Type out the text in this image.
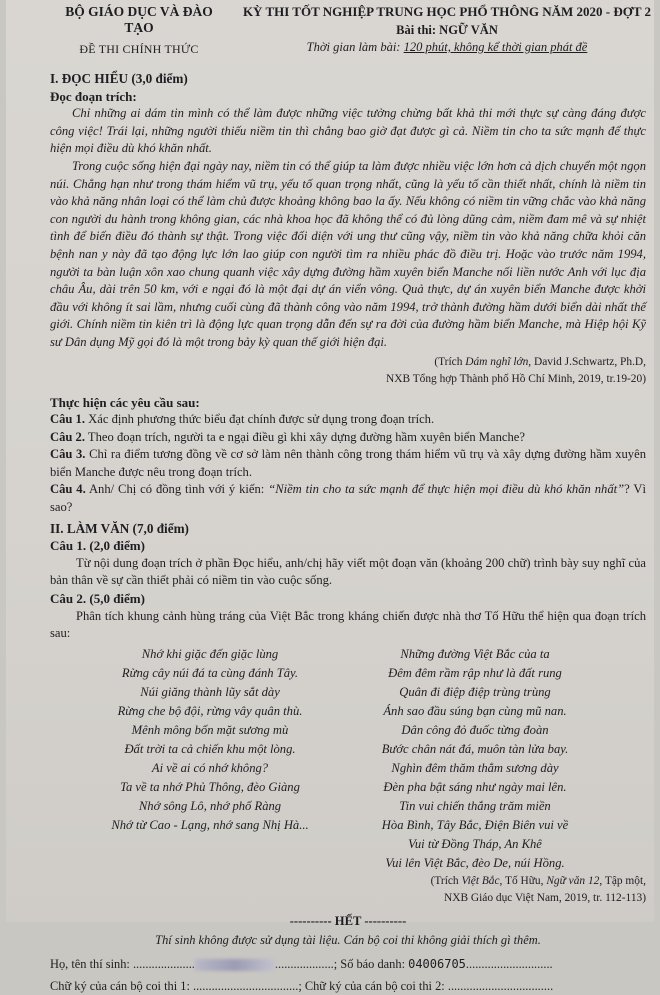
BỘ GIÁO DỤC VÀ ĐÀO TẠO
ĐỀ THI CHÍNH THỨC
KỲ THI TỐT NGHIỆP TRUNG HỌC PHỔ THÔNG NĂM 2020 - ĐỢT 2
Bài thi: NGỮ VĂN
Thời gian làm bài: 120 phút, không kể thời gian phát đề

I. ĐỌC HIỂU (3,0 điểm)

Đọc đoạn trích:

Chỉ những ai dám tin mình có thể làm được những việc tưởng chừng bất khả thi mới thực sự càng đáng được công việc! Trái lại, những người thiếu niềm tin thì chẳng bao giờ đạt được gì cả. Niềm tin cho ta sức mạnh để thực hiện mọi điều dù khó khăn nhất.

Trong cuộc sống hiện đại ngày nay, niềm tin có thể giúp ta làm được nhiều việc lớn hơn cả dịch chuyển một ngọn núi. Chẳng hạn như trong thám hiểm vũ trụ, yếu tố quan trọng nhất, cũng là yếu tố cần thiết nhất, chính là niềm tin vào khả năng nhân loại có thể làm chủ được khoảng không bao la ấy. Nếu không có niềm tin vững chắc vào khả năng con người du hành trong không gian, các nhà khoa học đã không thể có đủ lòng dũng cảm, niềm đam mê và sự nhiệt tình để biến điều đó thành sự thật. Trong việc đối diện với ung thư cũng vậy, niềm tin vào khả năng chữa khỏi căn bệnh nan y này đã tạo động lực lớn lao giúp con người tìm ra nhiều phác đồ điều trị. Hoặc vào trước năm 1994, người ta bàn luận xôn xao chung quanh việc xây dựng đường hầm xuyên biển Manche nối liền nước Anh với lục địa châu Âu, dài trên 50 km, với e ngại đó là một đại dự án viển vông. Quả thực, dự án xuyên biển Manche được khởi đầu với không ít sai lầm, nhưng cuối cùng đã thành công vào năm 1994, trở thành đường hầm dưới biển dài nhất thế giới. Chính niềm tin kiên trì là động lực quan trọng dẫn đến sự ra đời của đường hầm biển Manche, mà Hiệp hội Kỹ sư Dân dụng Mỹ gọi đó là một trong bảy kỳ quan thế giới hiện đại.

(Trích Dám nghĩ lớn, David J.Schwartz, Ph.D,
NXB Tổng hợp Thành phố Hồ Chí Minh, 2019, tr.19-20)

Thực hiện các yêu cầu sau:

Câu 1. Xác định phương thức biểu đạt chính được sử dụng trong đoạn trích.

Câu 2. Theo đoạn trích, người ta e ngại điều gì khi xây dựng đường hầm xuyên biển Manche?

Câu 3. Chỉ ra điểm tương đồng về cơ sở làm nên thành công trong thám hiểm vũ trụ và xây dựng đường hầm xuyên biển Manche được nêu trong đoạn trích.

Câu 4. Anh/ Chị có đồng tình với ý kiến: “Niềm tin cho ta sức mạnh để thực hiện mọi điều dù khó khăn nhất”? Vì sao?

II. LÀM VĂN (7,0 điểm)

Câu 1. (2,0 điểm)

Từ nội dung đoạn trích ở phần Đọc hiểu, anh/chị hãy viết một đoạn văn (khoảng 200 chữ) trình bày suy nghĩ của bản thân về sự cần thiết phải có niềm tin vào cuộc sống.

Câu 2. (5,0 điểm)

Phân tích khung cảnh hùng tráng của Việt Bắc trong kháng chiến được nhà thơ Tố Hữu thể hiện qua đoạn trích sau:

Nhớ khi giặc đến giặc lùng
Rừng cây núi đá ta cùng đánh Tây.
Núi giăng thành lũy sắt dày
Rừng che bộ đội, rừng vây quân thù.
Mênh mông bốn mặt sương mù
Đất trời ta cả chiến khu một lòng.
Ai về ai có nhớ không?
Ta về ta nhớ Phủ Thông, đèo Giàng
Nhớ sông Lô, nhớ phố Ràng
Nhớ từ Cao - Lạng, nhớ sang Nhị Hà...
Những đường Việt Bắc của ta
Đêm đêm rầm rập như là đất rung
Quân đi điệp điệp trùng trùng
Ánh sao đầu súng bạn cùng mũ nan.
Dân công đỏ đuốc từng đoàn
Bước chân nát đá, muôn tàn lửa bay.
Nghìn đêm thăm thẳm sương dày
Đèn pha bật sáng như ngày mai lên.
Tin vui chiến thắng trăm miền
Hòa Bình, Tây Bắc, Điện Biên vui về
Vui từ Đồng Tháp, An Khê
Vui lên Việt Bắc, đèo De, núi Hồng.

(Trích Việt Bắc, Tố Hữu, Ngữ văn 12, Tập một,
NXB Giáo dục Việt Nam, 2019, tr. 112-113)

---------- HẾT ----------

Thí sinh không được sử dụng tài liệu. Cán bộ coi thi không giải thích gì thêm.

Họ, tên thí sinh: ....................	...................; Số báo danh: 04006705............................

Chữ ký của cán bộ coi thi 1: ..................................; Chữ ký của cán bộ coi thi 2: ..................................
